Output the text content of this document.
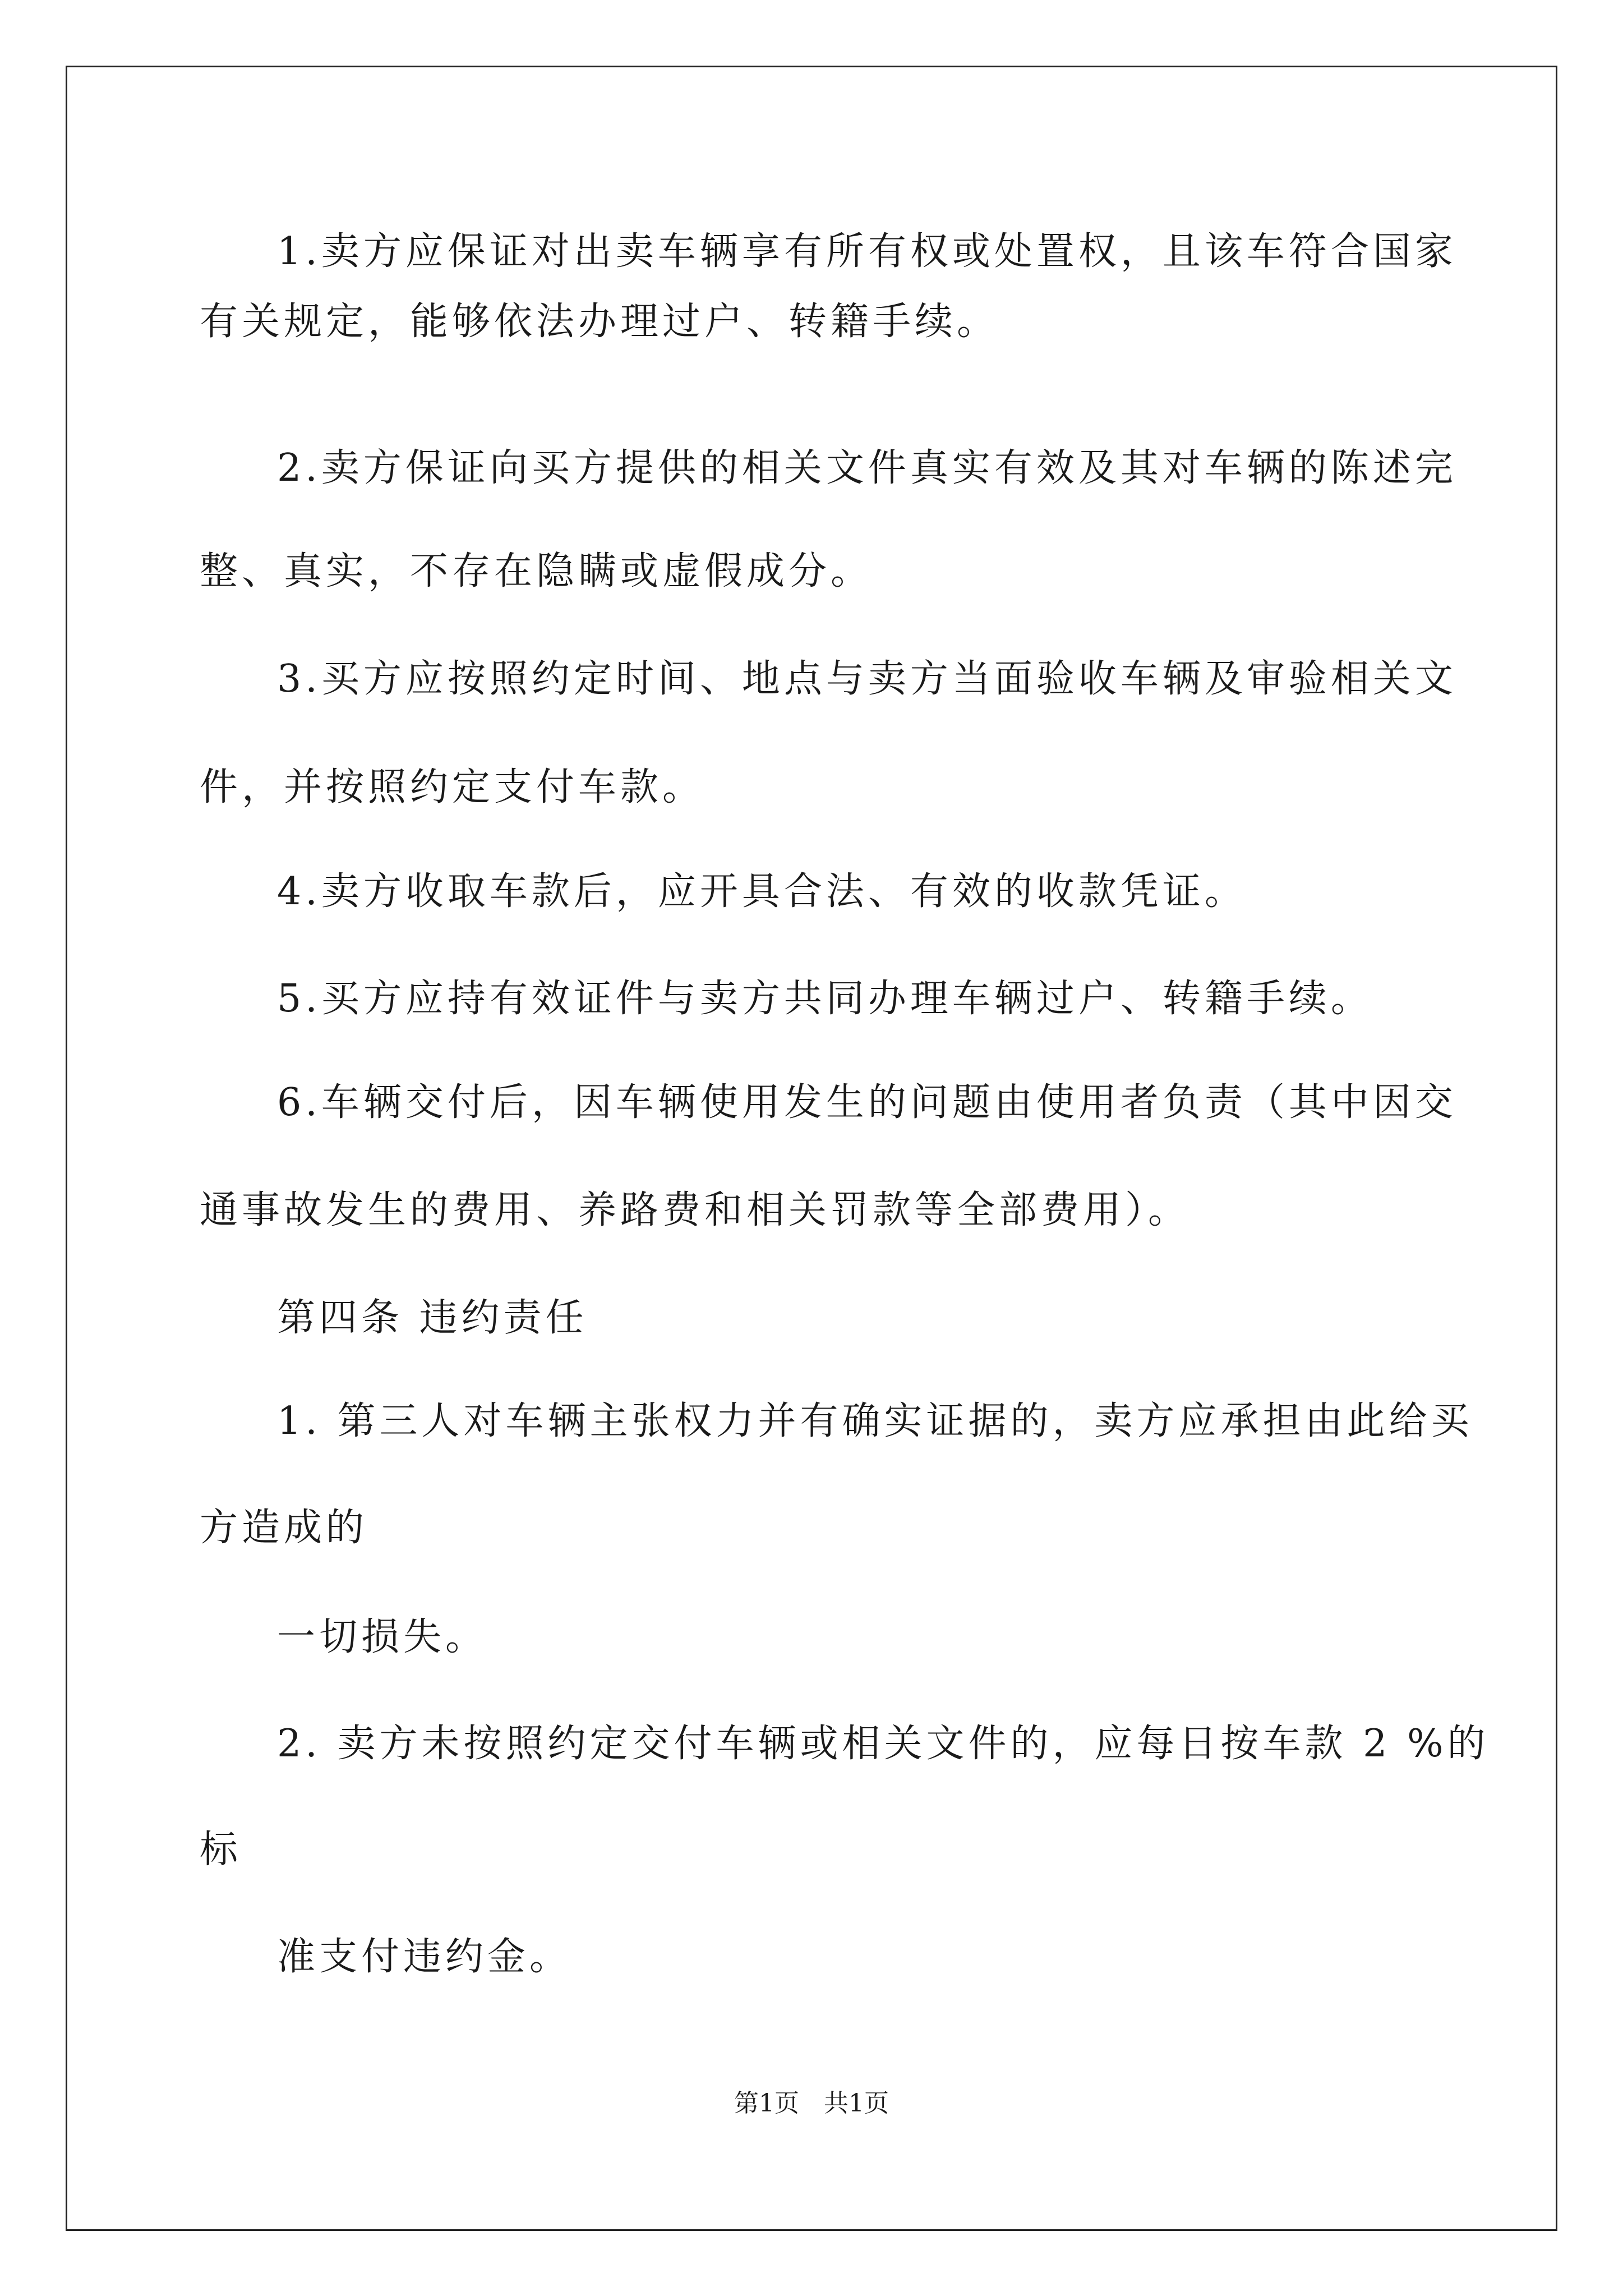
1.卖方应保证对出卖车辆享有所有权或处置权，且该车符合国家
有关规定，能够依法办理过户、转籍手续。
2.卖方保证向买方提供的相关文件真实有效及其对车辆的陈述完
整、真实，不存在隐瞒或虚假成分。
3.买方应按照约定时间、地点与卖方当面验收车辆及审验相关文
件，并按照约定支付车款。
4.卖方收取车款后，应开具合法、有效的收款凭证。
5.买方应持有效证件与卖方共同办理车辆过户、转籍手续。
6.车辆交付后，因车辆使用发生的问题由使用者负责（其中因交
通事故发生的费用、养路费和相关罚款等全部费用）。
第四条 违约责任
1. 第三人对车辆主张权力并有确实证据的，卖方应承担由此给买
方造成的
一切损失。
2. 卖方未按照约定交付车辆或相关文件的，应每日按车款 2 %的
标
准支付违约金。
第1页　共1页
